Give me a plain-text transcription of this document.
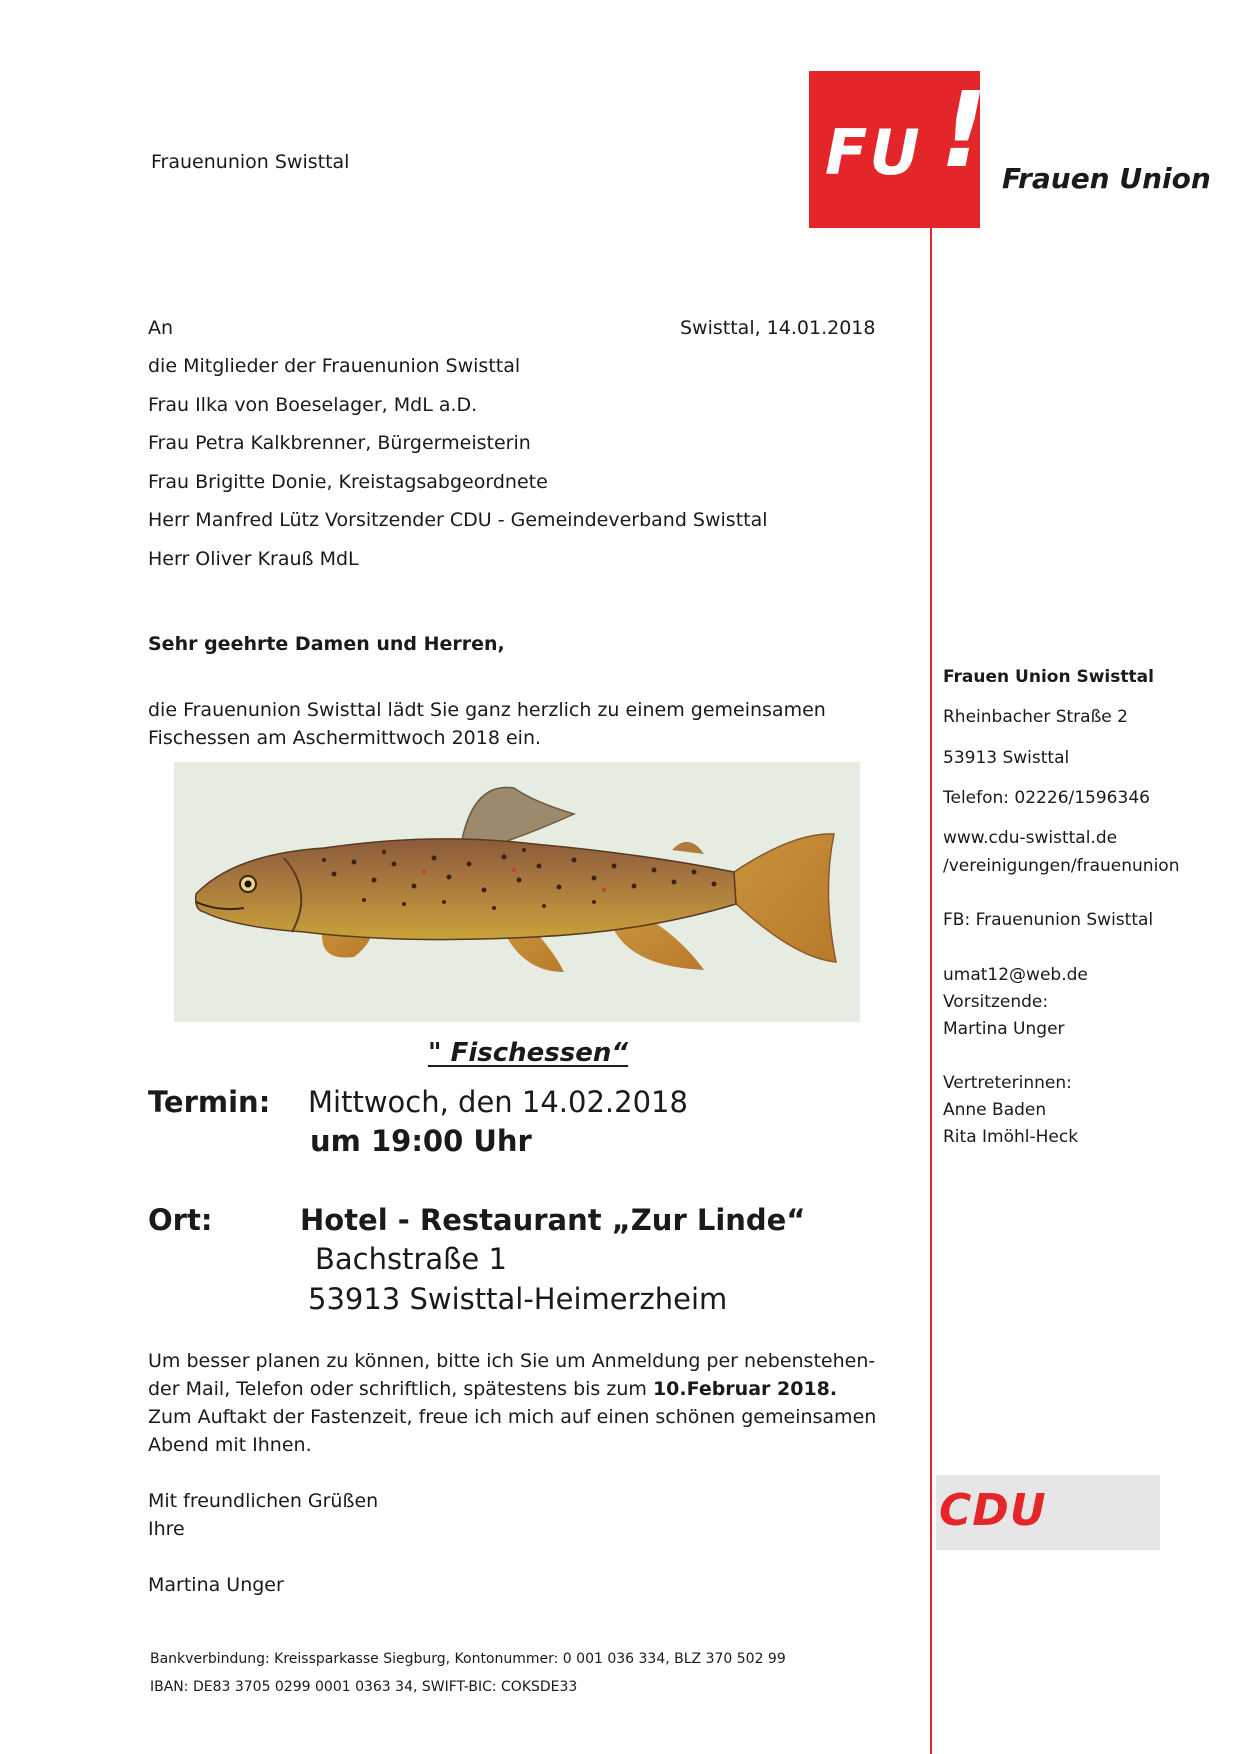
Frauenunion Swisttal	FU ! Frauen Union
An	Swisttal, 14.01.2018
die Mitglieder der Frauenunion Swisttal
Frau Ilka von Boeselager, MdL a.D.
Frau Petra Kalkbrenner, Bürgermeisterin
Frau Brigitte Donie, Kreistagsabgeordnete
Herr Manfred Lütz Vorsitzender CDU - Gemeindeverband Swisttal
Herr Oliver Krauß MdL
Sehr geehrte Damen und Herren,
die Frauenunion Swisttal lädt Sie ganz herzlich zu einem gemeinsamen
Fischessen am Aschermittwoch 2018 ein.
" Fischessen“
Termin: Mittwoch, den 14.02.2018
um 19:00 Uhr
Ort:	Hotel - Restaurant „Zur Linde“
Bachstraße 1
53913 Swisttal-Heimerzheim
Um besser planen zu können, bitte ich Sie um Anmeldung per nebenstehen-
der Mail, Telefon oder schriftlich, spätestens bis zum 10.Februar 2018.
Zum Auftakt der Fastenzeit, freue ich mich auf einen schönen gemeinsamen
Abend mit Ihnen.
Mit freundlichen Grüßen
Ihre
Martina Unger
Bankverbindung: Kreissparkasse Siegburg, Kontonummer: 0 001 036 334, BLZ 370 502 99
IBAN: DE83 3705 0299 0001 0363 34, SWIFT-BIC: COKSDE33
Frauen Union Swisttal
Rheinbacher Straße 2
53913 Swisttal
Telefon: 02226/1596346
www.cdu-swisttal.de
/vereinigungen/frauenunion
FB: Frauenunion Swisttal
umat12@web.de
Vorsitzende:
Martina Unger
Vertreterinnen:
Anne Baden
Rita Imöhl-Heck
CDU
